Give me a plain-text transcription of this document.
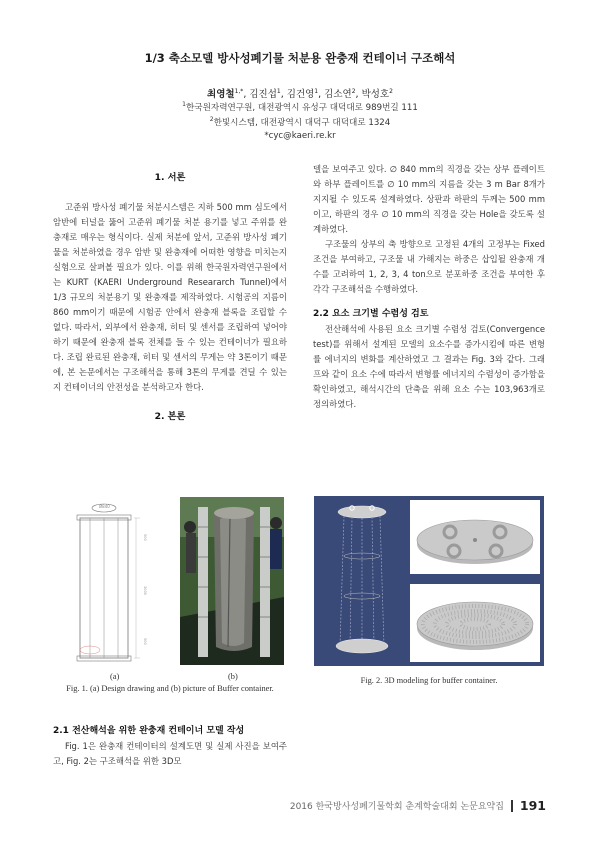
1/3 축소모델 방사성폐기물 처분용 완충재 컨테이너 구조해석
최영철$^{1,*}$, 김진섭$^1$, 김건영$^1$, 김소연$^2$, 박성호$^2$
$^1$한국원자력연구원, 대전광역시 유성구 대덕대로 989번길 111
$^2$한빛시스템, 대전광역시 대덕구 대덕대로 1324
*cyc@kaeri.re.kr
1. 서론

고준위 방사성 폐기물 처분시스템은 지하 500 mm 심도에서 암반에 터널을 뚫어 고준위 폐기물 처분 용기를 넣고 주위를 완충재로 매우는 형식이다. 실제 처분에 앞서, 고준위 방사성 폐기물을 처분하였을 경우 암반 및 완충재에 어떠한 영향을 미치는지 실험으로 살펴볼 필요가 있다. 이를 위해 한국원자력연구원에서는 KURT (KAERI Underground Researarch Tunnel)에서 1/3 규모의 처분용기 및 완충재를 제작하였다. 시험공의 지름이 860 mm이기 때문에 시험공 안에서 완충재 블록을 조립할 수 없다. 따라서, 외부에서 완충재, 히터 및 센서를 조립하여 넣어야 하기 때문에 완충재 블록 전체를 들 수 있는 컨테이너가 필요하다. 조립 완료된 완충재, 히터 및 센서의 무게는 약 3톤이기 때문에, 본 논문에서는 구조해석을 통해 3톤의 무게를 견딜 수 있는지 컨테이너의 안전성을 분석하고자 한다.

2. 본론
Ø840
500
3000
500
(a)	(b)
Fig. 1. (a) Design drawing and (b) picture of Buffer container.
2.1 전산해석을 위한 완충재 컨테이너 모델 작성

Fig. 1은 완충재 컨테이터의 설계도면 및 실제 사진을 보여주고, Fig. 2는 구조해석을 위한 3D모

델을 보여주고 있다. ∅ 840 mm의 직경을 갖는 상부 플레이트와 하부 플레이트를 ∅ 10 mm의 지름을 갖는 3 m Bar 8개가 지지될 수 있도록 설계하였다. 상판과 하판의 두께는 500 mm이고, 하판의 경우 ∅ 10 mm의 직경을 갖는 Hole을 갖도록 설계하였다.

구조물의 상부의 축 방향으로 고정된 4개의 고정부는 Fixed조건을 부여하고, 구조물 내 가해지는 하중은 삽입될 완충재 개수를 고려하여 1, 2, 3, 4 ton으로 분포하중 조건을 부여한 후 각각 구조해석을 수행하였다.

2.2 요소 크기별 수렴성 검토

전산해석에 사용된 요소 크기별 수렴성 검토(Convergence test)를 위해서 설계된 모델의 요소수를 증가시킴에 따른 변형률 에너지의 변화를 계산하였고 그 결과는 Fig. 3와 같다. 그래프와 같이 요소 수에 따라서 변형률 에너지의 수렴성이 증가함을 확인하였고, 해석시간의 단축을 위해 요소 수는 103,963개로 정의하였다.

Fig. 2. 3D modeling for buffer container.
2016 한국방사성폐기물학회 춘계학술대회 논문요약집 191
